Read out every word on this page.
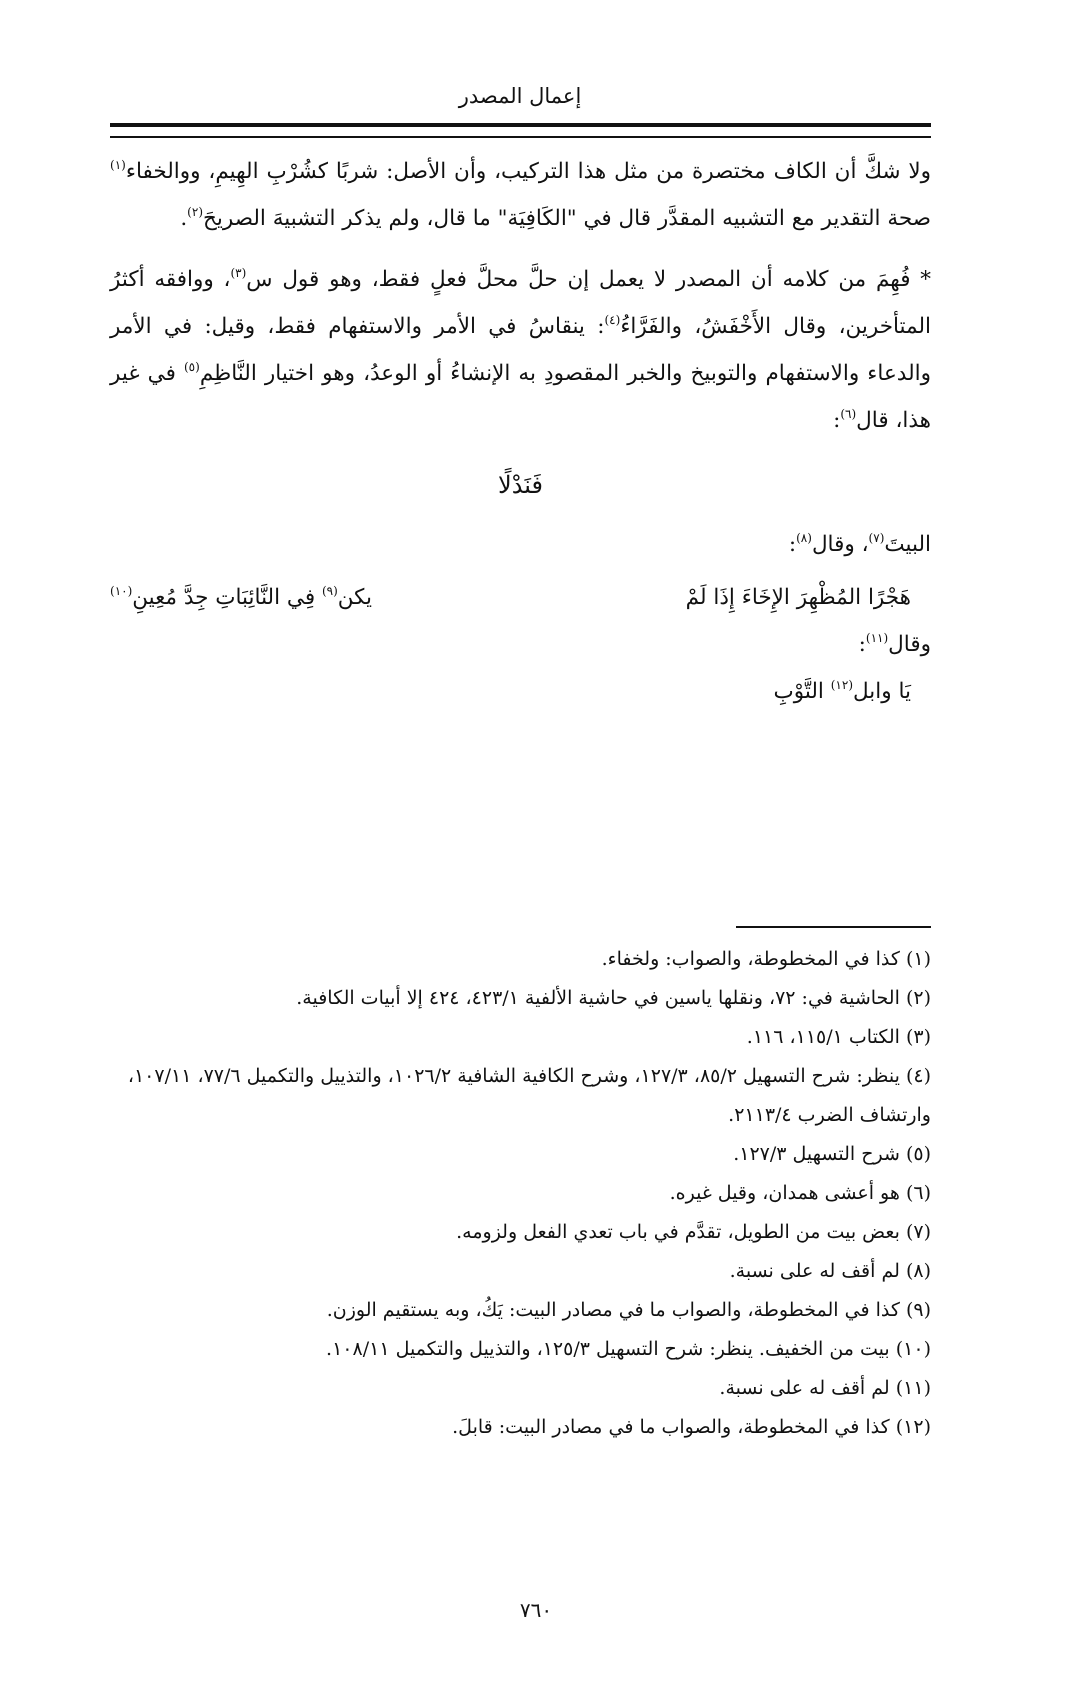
إعمال المصدر

ولا شكَّ أن الكاف مختصرة من مثل هذا التركيب، وأن الأصل: شربًا كشُرْبِ الهِيمِ، ووالخفاء$^{(١)}$ صحة التقدير مع التشبيه المقدَّر قال في "الكَافِيَة" ما قال، ولم يذكر التشبيهَ الصريحَ$^{(٢)}$.

* فُهِمَ من كلامه أن المصدر لا يعمل إن حلَّ محلَّ فعلٍ فقط، وهو قول س$^{(٣)}$، ووافقه أكثرُ المتأخرين، وقال الأَخْفَشُ، والفَرَّاءُ$^{(٤)}$: ينقاسُ في الأمر والاستفهام فقط، وقيل: في الأمر والدعاء والاستفهام والتوبيخ والخبر المقصودِ به الإنشاءُ أو الوعدُ، وهو اختيار النَّاظِمِ$^{(٥)}$ في غير هذا، قال$^{(٦)}$:

فَنَدْلًا

البيتَ$^{(٧)}$، وقال$^{(٨)}$:

هَجْرًا المُظْهِرَ الإِخَاءَ إِذَا لَمْ
يكن$^{(٩)}$ فِي النَّائِبَاتِ جِدَّ مُعِينِ$^{(١٠)}$

وقال$^{(١١)}$:

يَا وابل$^{(١٢)}$ التَّوْبِ

(١) كذا في المخطوطة، والصواب: ولخفاء.

(٢) الحاشية في: ٧٢، ونقلها ياسين في حاشية الألفية ٤٢٣/١، ٤٢٤ إلا أبيات الكافية.

(٣) الكتاب ١١٥/١، ١١٦.

(٤) ينظر: شرح التسهيل ٨٥/٢، ١٢٧/٣، وشرح الكافية الشافية ١٠٢٦/٢، والتذييل والتكميل ٧٧/٦، ١٠٧/١١، وارتشاف الضرب ٢١١٣/٤.

(٥) شرح التسهيل ١٢٧/٣.

(٦) هو أعشى همدان، وقيل غيره.

(٧) بعض بيت من الطويل، تقدَّم في باب تعدي الفعل ولزومه.

(٨) لم أقف له على نسبة.

(٩) كذا في المخطوطة، والصواب ما في مصادر البيت: يَكُ، وبه يستقيم الوزن.

(١٠) بيت من الخفيف. ينظر: شرح التسهيل ١٢٥/٣، والتذييل والتكميل ١٠٨/١١.

(١١) لم أقف له على نسبة.

(١٢) كذا في المخطوطة، والصواب ما في مصادر البيت: قابلَ.

٧٦٠
